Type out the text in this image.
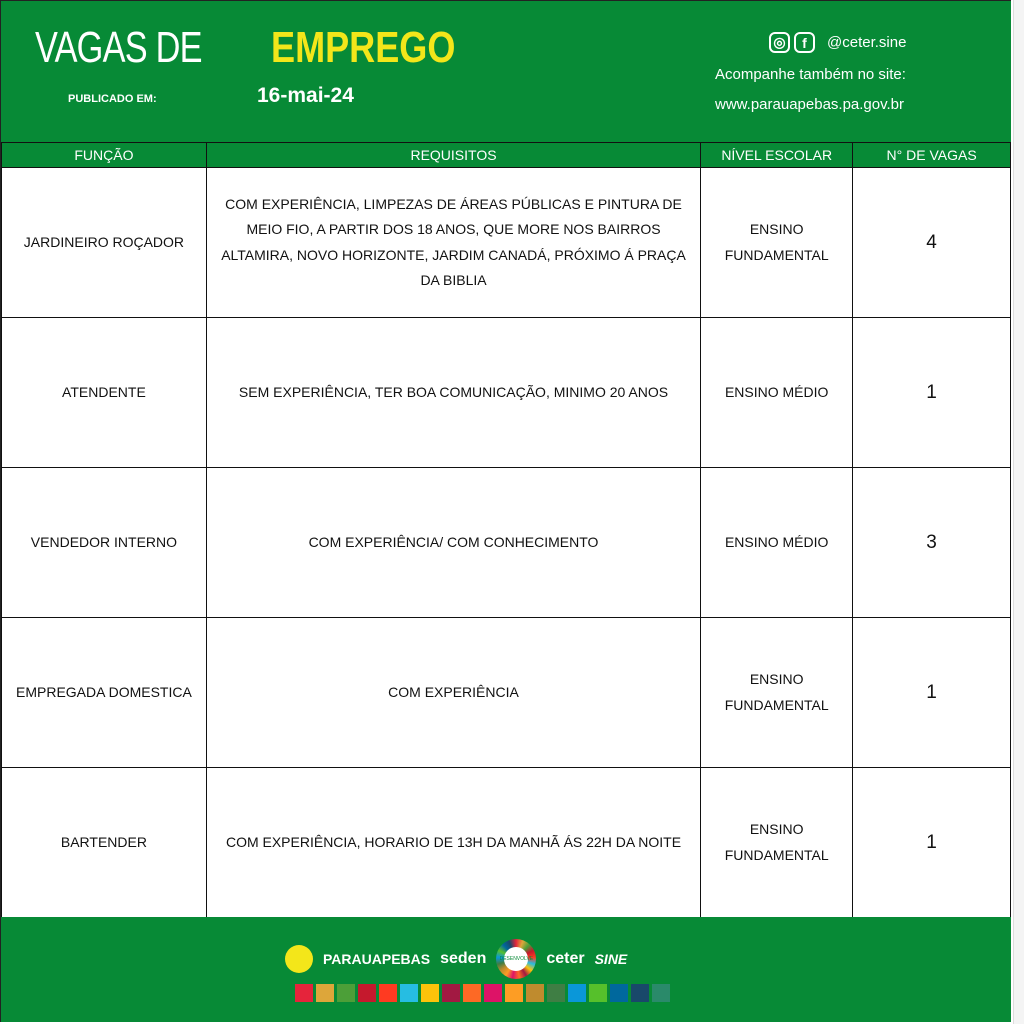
VAGAS DE EMPREGO
PUBLICADO EM:	16-mai-24
◎	f	@ceter.sine
Acompanhe também no site:
www.parauapebas.pa.gov.br
FUNÇÃO	REQUISITOS	NÍVEL ESCOLAR	N° DE VAGAS
JARDINEIRO ROÇADOR	COM EXPERIÊNCIA, LIMPEZAS DE ÁREAS PÚBLICAS E PINTURA DE MEIO FIO, A PARTIR DOS 18 ANOS, QUE MORE NOS BAIRROS ALTAMIRA, NOVO HORIZONTE, JARDIM CANADÁ, PRÓXIMO Á PRAÇA DA BIBLIA	ENSINO FUNDAMENTAL	4
ATENDENTE	SEM EXPERIÊNCIA, TER BOA COMUNICAÇÃO, MINIMO 20 ANOS	ENSINO MÉDIO	1
VENDEDOR INTERNO	COM EXPERIÊNCIA/ COM CONHECIMENTO	ENSINO MÉDIO	3
EMPREGADA DOMESTICA	COM EXPERIÊNCIA	ENSINO FUNDAMENTAL	1
BARTENDER	COM EXPERIÊNCIA, HORARIO DE 13H DA MANHÃ ÁS 22H DA NOITE	ENSINO FUNDAMENTAL	1
PARAUAPEBAS seden	DESENVOLVE ceter SINE
